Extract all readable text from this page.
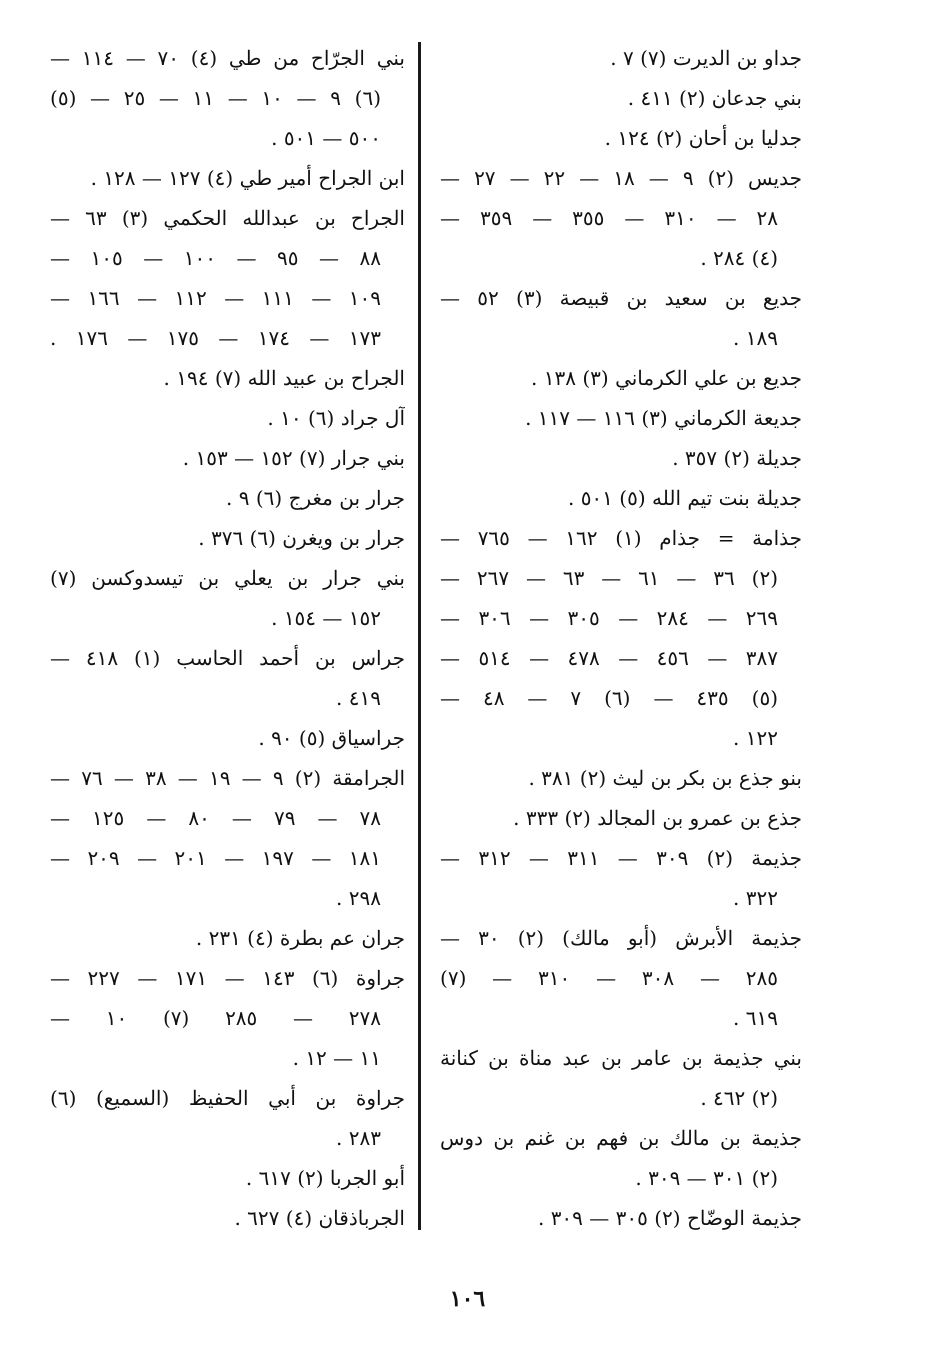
جداو بن الديرت (٧) ٧ .
بني جدعان (٢) ٤١١ .
جدليا بن أحان (٢) ١٢٤ .
جديس (٢) ٩ — ١٨ — ٢٢ — ٢٧ —
٢٨ — ٣١٠ — ٣٥٥ — ٣٥٩ —
(٤) ٢٨٤ .
جديع بن سعيد بن قبيصة (٣) ٥٢ —
١٨٩ .
جديع بن علي الكرماني (٣) ١٣٨ .
جديعة الكرماني (٣) ١١٦ — ١١٧ .
جديلة (٢) ٣٥٧ .
جديلة بنت تيم الله (٥) ٥٠١ .
جذامة = جذام (١) ١٦٢ — ٧٦٥ —
(٢) ٣٦ — ٦١ — ٦٣ — ٢٦٧ —
٢٦٩ — ٢٨٤ — ٣٠٥ — ٣٠٦ —
٣٨٧ — ٤٥٦ — ٤٧٨ — ٥١٤ —
(٥) ٤٣٥ — (٦) ٧ — ٤٨ —
١٢٢ .
بنو جذع بن بكر بن ليث (٢) ٣٨١ .
جذع بن عمرو بن المجالد (٢) ٣٣٣ .
جذيمة (٢) ٣٠٩ — ٣١١ — ٣١٢ —
٣٢٢ .
جذيمة الأبرش (أبو مالك) (٢) ٣٠ —
٢٨٥ — ٣٠٨ — ٣١٠ — (٧)
٦١٩ .
بني جذيمة بن عامر بن عبد مناة بن كنانة
(٢) ٤٦٢ .
جذيمة بن مالك بن فهم بن غنم بن دوس
(٢) ٣٠١ — ٣٠٩ .
جذيمة الوضّاح (٢) ٣٠٥ — ٣٠٩ .
بني الجرّاح من طي (٤) ٧٠ — ١١٤ —
(٦) ٩ — ١٠ — ١١ — ٢٥ — (٥)
٥٠٠ — ٥٠١ .
ابن الجراح أمير طي (٤) ١٢٧ — ١٢٨ .
الجراح بن عبدالله الحكمي (٣) ٦٣ —
٨٨ — ٩٥ — ١٠٠ — ١٠٥ —
١٠٩ — ١١١ — ١١٢ — ١٦٦ —
١٧٣ — ١٧٤ — ١٧٥ — ١٧٦ .
الجراح بن عبيد الله (٧) ١٩٤ .
آل جراد (٦) ١٠ .
بني جرار (٧) ١٥٢ — ١٥٣ .
جرار بن مغرج (٦) ٩ .
جرار بن ويغرن (٦) ٣٧٦ .
بني جرار بن يعلي بن تيسدوكسن (٧)
١٥٢ — ١٥٤ .
جراس بن أحمد الحاسب (١) ٤١٨ —
٤١٩ .
جراسياق (٥) ٩٠ .
الجرامقة (٢) ٩ — ١٩ — ٣٨ — ٧٦ —
٧٨ — ٧٩ — ٨٠ — ١٢٥ —
١٨١ — ١٩٧ — ٢٠١ — ٢٠٩ —
٢٩٨ .
جران عم بطرة (٤) ٢٣١ .
جراوة (٦) ١٤٣ — ١٧١ — ٢٢٧ —
٢٧٨ — ٢٨٥ (٧) ١٠ —
١١ — ١٢ .
جراوة بن أبي الحفيظ (السميع) (٦)
٢٨٣ .
أبو الجربا (٢) ٦١٧ .
الجرباذقان (٤) ٦٢٧ .
١٠٦
